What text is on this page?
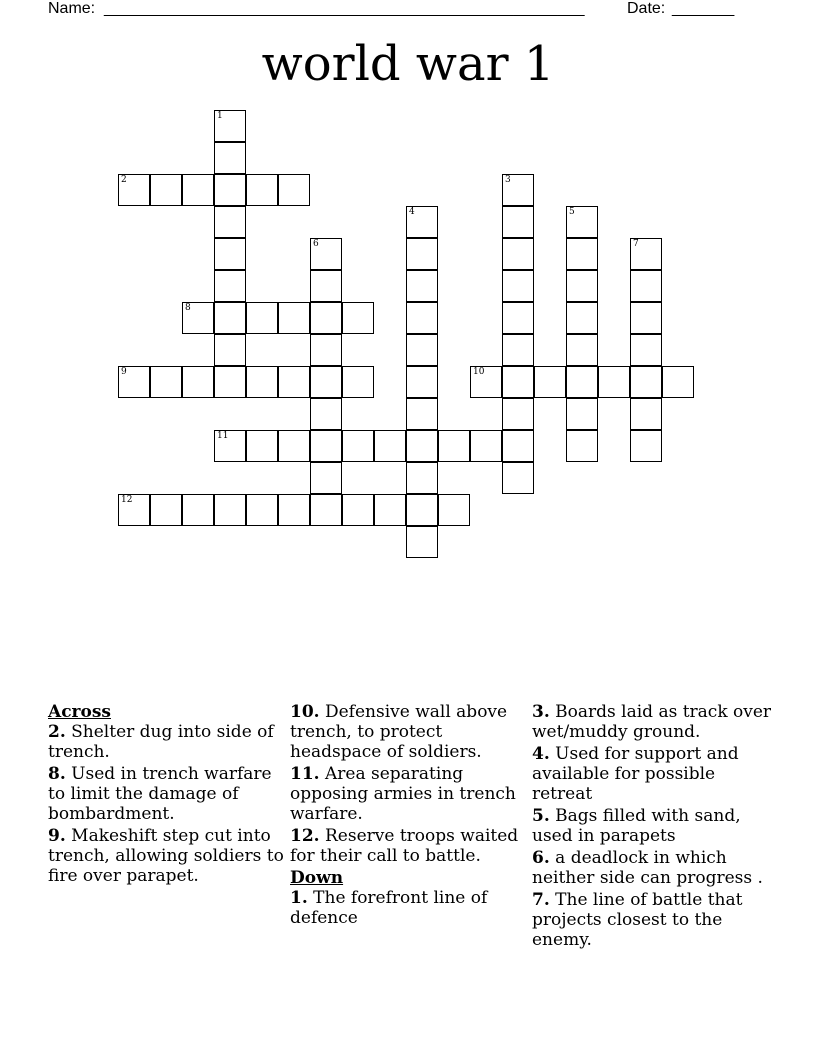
Name: ______________________________________________________	Date: _______
world war 1
1
2	3
4	5
6	7
8
9	10
11
12
Across
2. Shelter dug into side of trench.
8. Used in trench warfare to limit the damage of bombardment.
9. Makeshift step cut into trench, allowing soldiers to fire over parapet.
10. Defensive wall above trench, to protect headspace of soldiers.
11. Area separating opposing armies in trench warfare.
12. Reserve troops waited for their call to battle.
Down
1. The forefront line of defence
3. Boards laid as track over wet/muddy ground.
4. Used for support and available for possible retreat
5. Bags filled with sand, used in parapets
6. a deadlock in which neither side can progress .
7. The line of battle that projects closest to the enemy.
